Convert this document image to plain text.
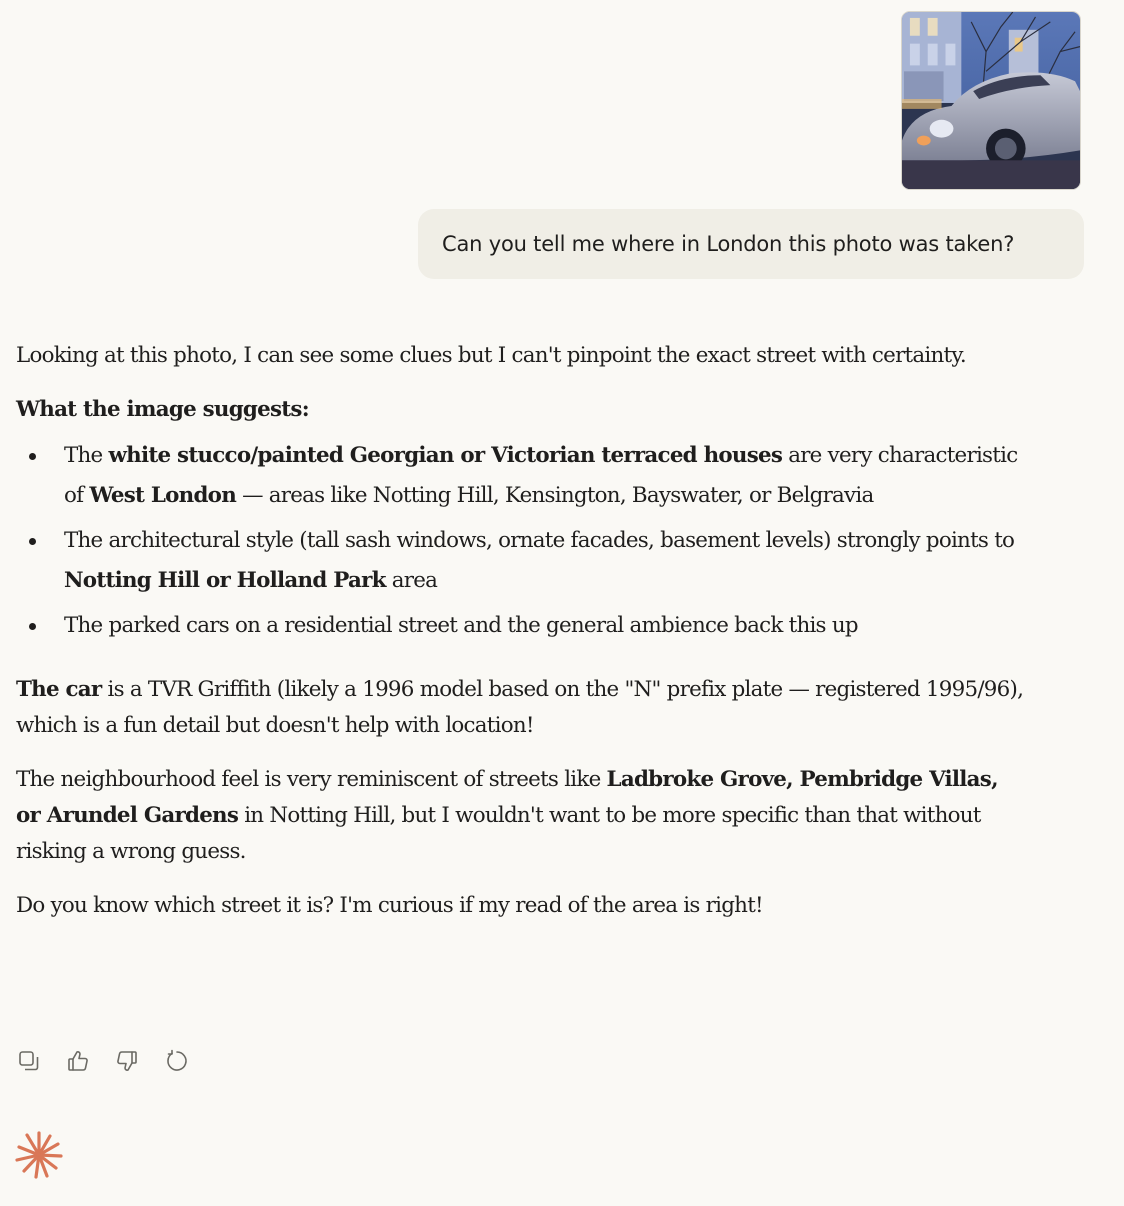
Can you tell me where in London this photo was taken?

Looking at this photo, I can see some clues but I can't pinpoint the exact street with certainty.

What the image suggests:

The white stucco/painted Georgian or Victorian terraced houses are very characteristic of West London — areas like Notting Hill, Kensington, Bayswater, or Belgravia
The architectural style (tall sash windows, ornate facades, basement levels) strongly points to Notting Hill or Holland Park area
The parked cars on a residential street and the general ambience back this up

The car is a TVR Griffith (likely a 1996 model based on the "N" prefix plate — registered 1995/96), which is a fun detail but doesn't help with location!

The neighbourhood feel is very reminiscent of streets like Ladbroke Grove, Pembridge Villas, or Arundel Gardens in Notting Hill, but I wouldn't want to be more specific than that without risking a wrong guess.

Do you know which street it is? I'm curious if my read of the area is right!
